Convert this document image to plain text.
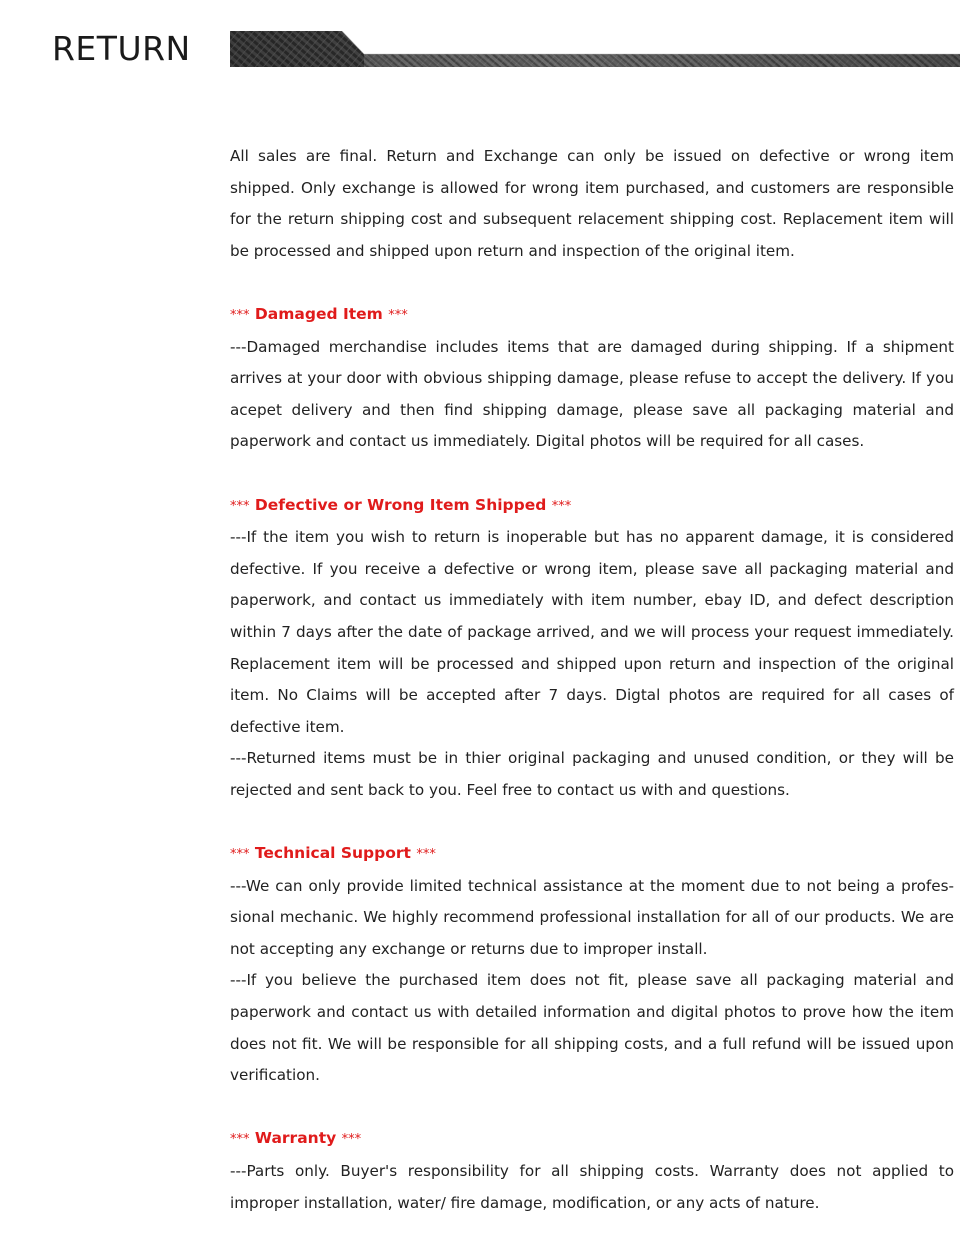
RETURN

All sales are final. Return and Exchange can only be issued on defective or wrong item shipped. Only exchange is allowed for wrong item purchased, and customers are responsible for the return shipping cost and subsequent relacement shipping cost. Replacement item will be processed and shipped upon return and inspection of the original item.

*** Damaged Item ***

---Damaged merchandise includes items that are damaged during shipping. If a shipment arrives at your door with obvious shipping damage, please refuse to accept the delivery. If you acepet delivery and then find shipping damage, please save all packaging material and paperwork and contact us immediately. Digital photos will be required for all cases.

*** Defective or Wrong Item Shipped ***

---If the item you wish to return is inoperable but has no apparent damage, it is considered defective. If you receive a defective or wrong item, please save all packaging material and paperwork, and contact us immediately with item number, ebay ID, and defect description within 7 days after the date of package arrived, and we will process your request immediately. Replacement item will be processed and shipped upon return and inspection of the original item. No Claims will be accepted after 7 days. Digtal photos are required for all cases of defective item.

---Returned items must be in thier original packaging and unused condition, or they will be rejected and sent back to you. Feel free to contact us with and questions.

*** Technical Support ***

---We can only provide limited technical assistance at the moment due to not being a profes-sional mechanic. We highly recommend professional installation for all of our products. We are not accepting any exchange or returns due to improper install.

---If you believe the purchased item does not fit, please save all packaging material and paperwork and contact us with detailed information and digital photos to prove how the item does not fit. We will be responsible for all shipping costs, and a full refund will be issued upon verification.

*** Warranty ***

---Parts only. Buyer's responsibility for all shipping costs. Warranty does not applied to improper installation, water/ fire damage, modification, or any acts of nature.
